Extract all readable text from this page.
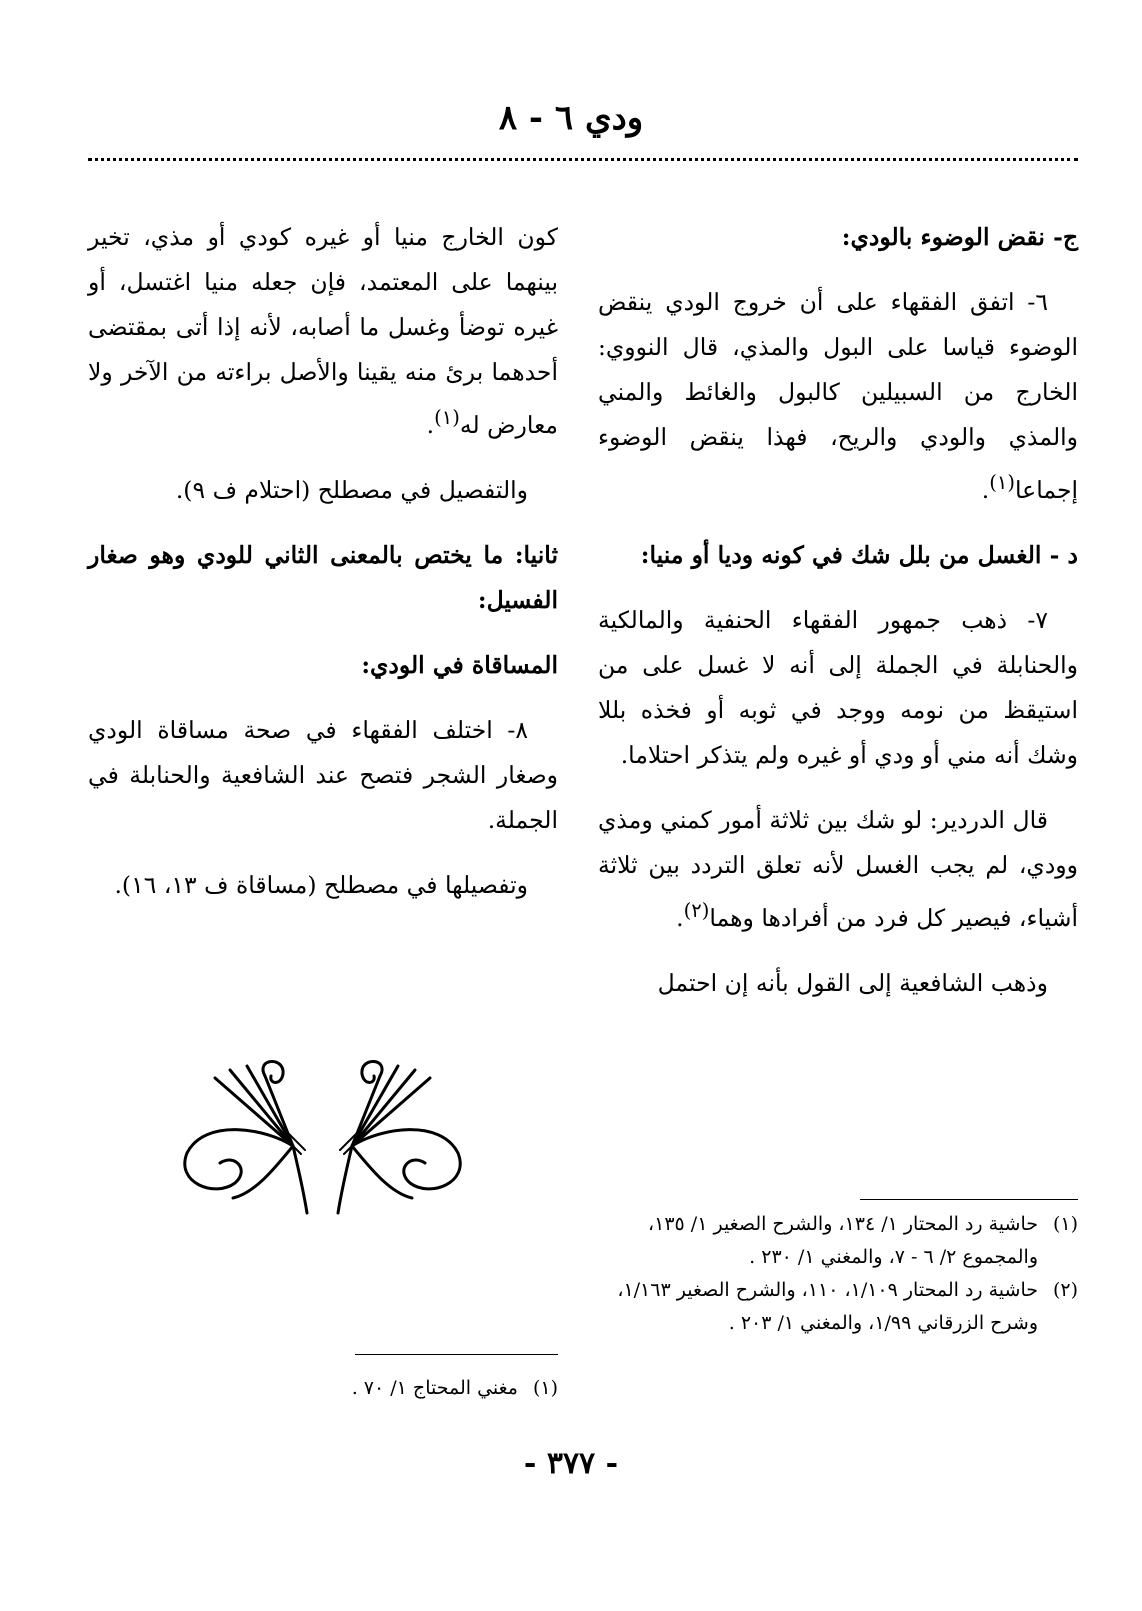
ودي ٦ - ٨
ج- نقض الوضوء بالودي:

٦- اتفق الفقهاء على أن خروج الودي ينقض الوضوء قياسا على البول والمذي، قال النووي: الخارج من السبيلين كالبول والغائط والمني والمذي والودي والريح، فهذا ينقض الوضوء إجماعا$^{(١)}$.

د - الغسل من بلل شك في كونه وديا أو منيا:

٧- ذهب جمهور الفقهاء الحنفية والمالكية والحنابلة في الجملة إلى أنه لا غسل على من استيقظ من نومه ووجد في ثوبه أو فخذه بللا وشك أنه مني أو ودي أو غيره ولم يتذكر احتلاما.

قال الدردير: لو شك بين ثلاثة أمور كمني ومذي وودي، لم يجب الغسل لأنه تعلق التردد بين ثلاثة أشياء، فيصير كل فرد من أفرادها وهما$^{(٢)}$.

وذهب الشافعية إلى القول بأنه إن احتمل

كون الخارج منيا أو غيره كودي أو مذي، تخير بينهما على المعتمد، فإن جعله منيا اغتسل، أو غيره توضأ وغسل ما أصابه، لأنه إذا أتى بمقتضى أحدهما برئ منه يقينا والأصل براءته من الآخر ولا معارض له$^{(١)}$.

والتفصيل في مصطلح (احتلام ف ٩).

ثانيا: ما يختص بالمعنى الثاني للودي وهو صغار الفسيل:
المساقاة في الودي:

٨- اختلف الفقهاء في صحة مساقاة الودي وصغار الشجر فتصح عند الشافعية والحنابلة في الجملة.

وتفصيلها في مصطلح (مساقاة ف ١٣، ١٦).

(١)
حاشية رد المحتار ١/ ١٣٤، والشرح الصغير ١/ ١٣٥، والمجموع ٢/ ٦ - ٧، والمغني ١/ ٢٣٠ .
(٢)
حاشية رد المحتار ١/١٠٩، ١١٠، والشرح الصغير ١/١٦٣، وشرح الزرقاني ١/٩٩، والمغني ١/ ٢٠٣ .
(١)
مغني المحتاج ١/ ٧٠ .
- ٣٧٧ -
